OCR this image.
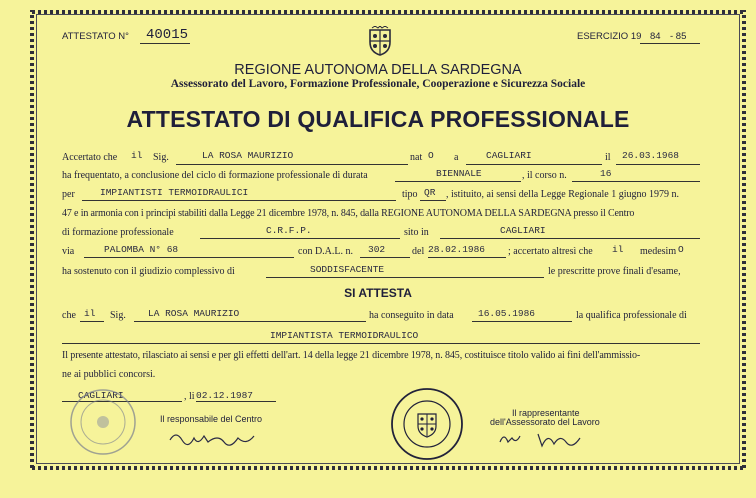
ATTESTATO N° 40015	ESERCIZIO 19 84 - 85
REGIONE AUTONOMA DELLA SARDEGNA
Assessorato del Lavoro, Formazione Professionale, Cooperazione e Sicurezza Sociale
ATTESTATO DI QUALIFICA PROFESSIONALE
Accertato che il Sig.	LA ROSA MAURIZIO	nat O a	CAGLIARI	il 26.03.1968
ha frequentato, a conclusione del ciclo di formazione professionale di durata	BIENNALE	, il corso n.	16
per	IMPIANTISTI TERMOIDRAULICI	tipo QR , istituito, ai sensi della Legge Regionale 1 giugno 1979 n.
47 e in armonia con i principi stabiliti dalla Legge 21 dicembre 1978, n. 845, dalla REGIONE AUTONOMA DELLA SARDEGNA presso il Centro
di formazione professionale	C.R.F.P.	sito in	CAGLIARI
via	PALOMBA N° 68	con D.A.L. n. 302	del 28.02.1986 ; accertato altresì che il medesim O
ha sostenuto con il giudizio complessivo di	SODDISFACENTE	le prescritte prove finali d'esame,
SI ATTESTA
che il Sig. LA ROSA MAURIZIO	ha conseguito in data	16.05.1986	la qualifica professionale di
IMPIANTISTA TERMOIDRAULICO
Il presente attestato, rilasciato ai sensi e per gli effetti dell'art. 14 della legge 21 dicembre 1978, n. 845, costituisce titolo valido ai fini dell'ammissio-
ne ai pubblici concorsi.
CAGLIARI	, li 02.12.1987
Il responsabile del Centro
Il rappresentante
dell'Assessorato del Lavoro
